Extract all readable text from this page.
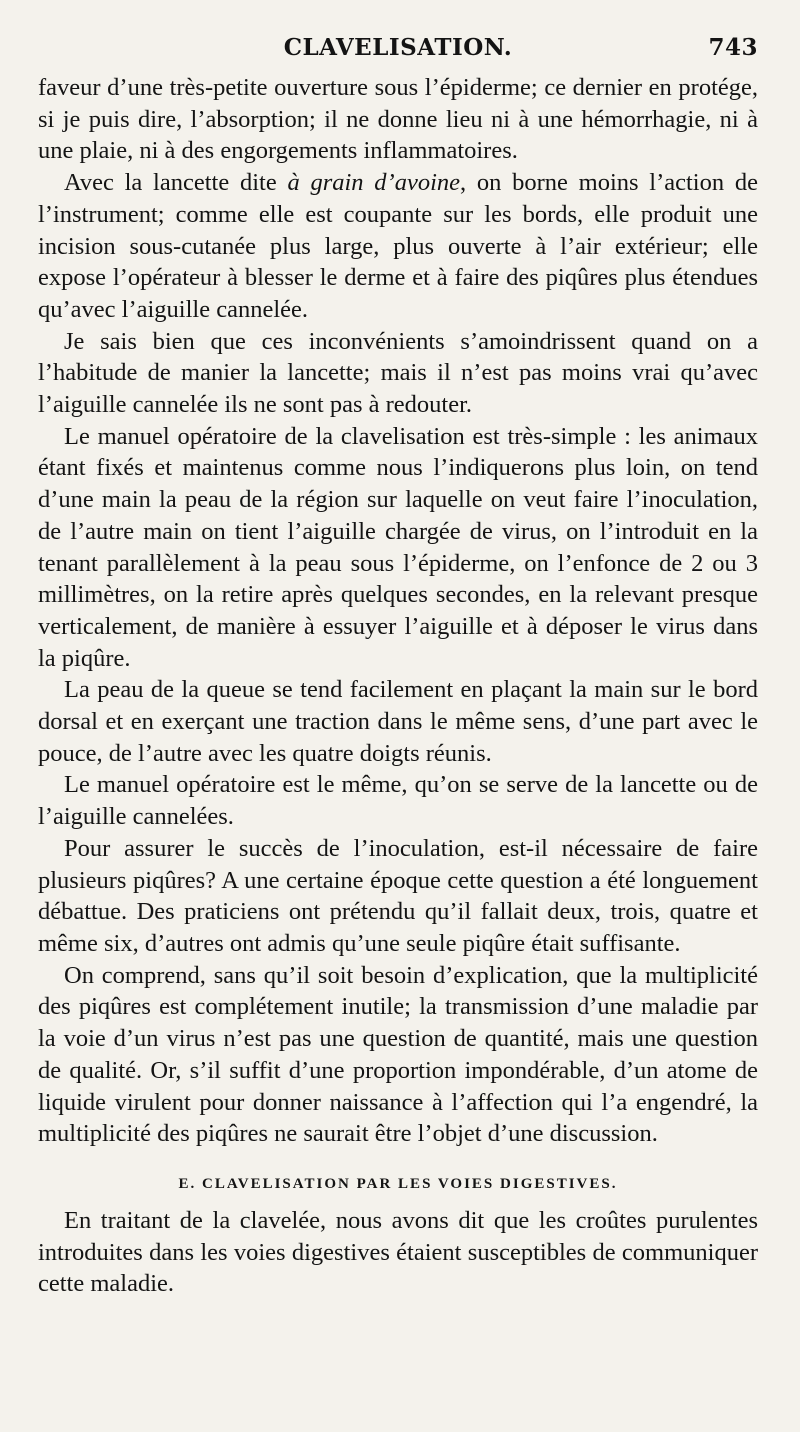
CLAVELISATION.	743

faveur d’une très-petite ouverture sous l’épiderme; ce dernier en protége, si je puis dire, l’absorption; il ne donne lieu ni à une hémorrhagie, ni à une plaie, ni à des engorgements inflammatoires.

Avec la lancette dite à grain d’avoine, on borne moins l’action de l’instrument; comme elle est coupante sur les bords, elle produit une incision sous-cutanée plus large, plus ouverte à l’air extérieur; elle expose l’opérateur à blesser le derme et à faire des piqûres plus étendues qu’avec l’aiguille cannelée.

Je sais bien que ces inconvénients s’amoindrissent quand on a l’habitude de manier la lancette; mais il n’est pas moins vrai qu’avec l’aiguille cannelée ils ne sont pas à redouter.

Le manuel opératoire de la clavelisation est très-simple : les animaux étant fixés et maintenus comme nous l’indiquerons plus loin, on tend d’une main la peau de la région sur laquelle on veut faire l’inoculation, de l’autre main on tient l’aiguille chargée de virus, on l’introduit en la tenant parallèlement à la peau sous l’épiderme, on l’enfonce de 2 ou 3 millimètres, on la retire après quelques secondes, en la relevant presque verticalement, de manière à essuyer l’aiguille et à déposer le virus dans la piqûre.

La peau de la queue se tend facilement en plaçant la main sur le bord dorsal et en exerçant une traction dans le même sens, d’une part avec le pouce, de l’autre avec les quatre doigts réunis.

Le manuel opératoire est le même, qu’on se serve de la lancette ou de l’aiguille cannelées.

Pour assurer le succès de l’inoculation, est-il nécessaire de faire plusieurs piqûres? A une certaine époque cette question a été longuement débattue. Des praticiens ont prétendu qu’il fallait deux, trois, quatre et même six, d’autres ont admis qu’une seule piqûre était suffisante.

On comprend, sans qu’il soit besoin d’explication, que la multiplicité des piqûres est complétement inutile; la transmission d’une maladie par la voie d’un virus n’est pas une question de quantité, mais une question de qualité. Or, s’il suffit d’une proportion impondérable, d’un atome de liquide virulent pour donner naissance à l’affection qui l’a engendré, la multiplicité des piqûres ne saurait être l’objet d’une discussion.

E. CLAVELISATION PAR LES VOIES DIGESTIVES.

En traitant de la clavelée, nous avons dit que les croûtes purulentes introduites dans les voies digestives étaient susceptibles de communiquer cette maladie.
